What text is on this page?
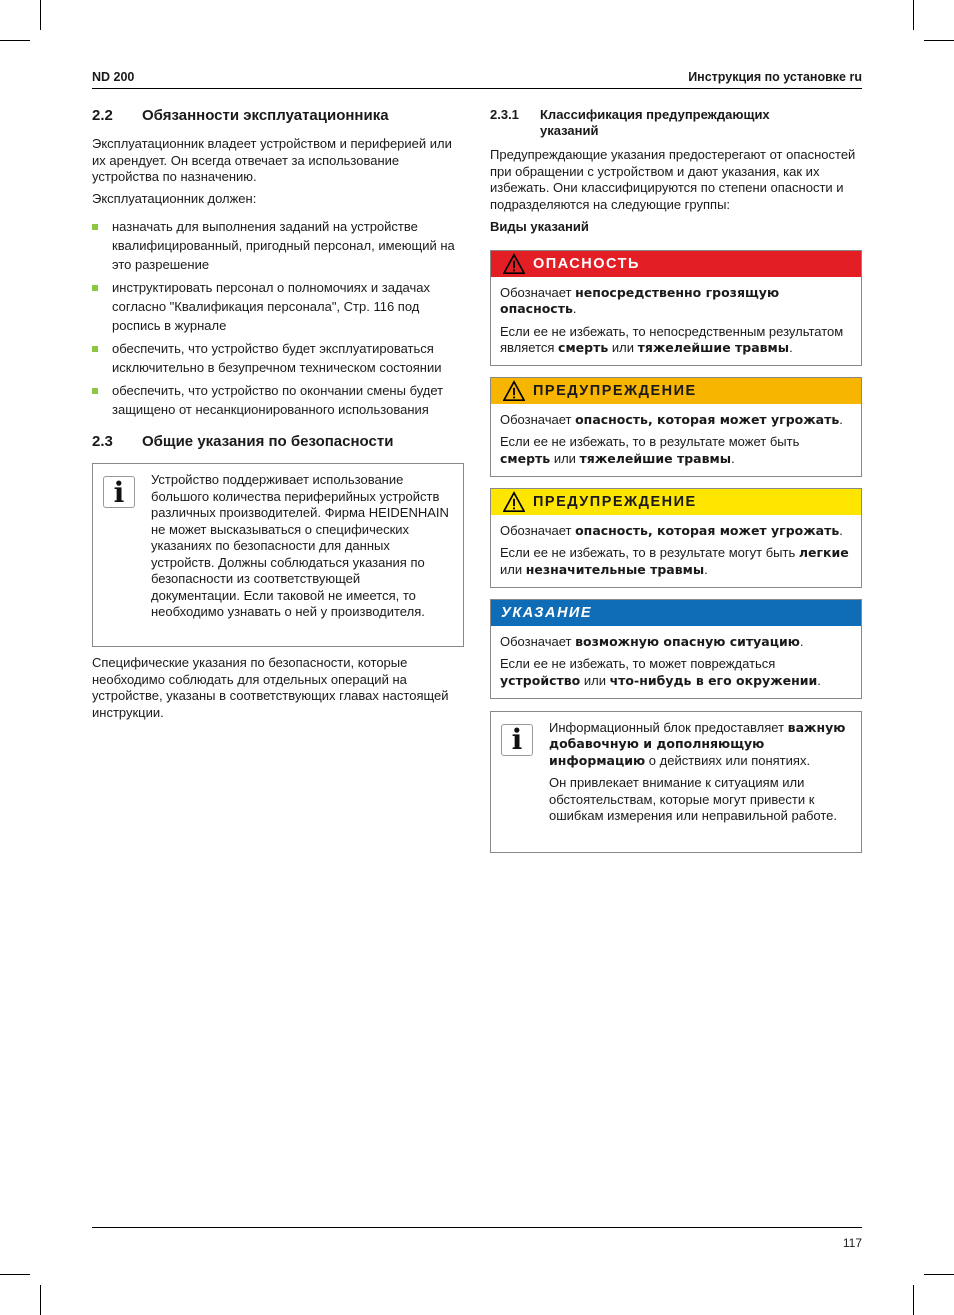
ND 200	Инструкция по установке ru
2.2	Обязанности эксплуатационника

Эксплуатационник владеет устройством и периферией или их арендует. Он всегда отвечает за использование устройства по назначению.

Эксплуатационник должен:

назначать для выполнения заданий на устройстве квалифицированный, пригодный персонал, имеющий на это разрешение
инструктировать персонал о полномочиях и задачах согласно "Квалификация персонала", Стр. 116 под роспись в журнале
обеспечить, что устройство будет эксплуатироваться исключительно в безупречном техническом состоянии
обеспечить, что устройство по окончании смены будет защищено от несанкционированного использования
2.3	Общие указания по безопасности
i	Устройство поддерживает использование большого количества периферийных устройств различных производителей. Фирма HEIDENHAIN не может высказываться о специфических указаниях по безопасности для данных устройств. Должны соблюдаться указания по безопасности из соответствующей документации. Если таковой не имеется, то необходимо узнавать о ней у производителя.

Специфические указания по безопасности, которые необходимо соблюдать для отдельных операций на устройстве, указаны в соответствующих главах настоящей инструкции.

2.3.1	Классификация предупреждающих указаний

Предупреждающие указания предостерегают от опасностей при обращении с устройством и дают указания, как их избежать. Они классифицируются по степени опасности и подразделяются на следующие группы:

Виды указаний

ОПАСНОСТЬ

Обозначает непосредственно грозящую опасность.

Если ее не избежать, то непосредственным результатом является смерть или тяжелейшие травмы.

ПРЕДУПРЕЖДЕНИЕ

Обозначает опасность, которая может угрожать.

Если ее не избежать, то в результате может быть смерть или тяжелейшие травмы.

ПРЕДУПРЕЖДЕНИЕ

Обозначает опасность, которая может угрожать.

Если ее не избежать, то в результате могут быть легкие или незначительные травмы.

УКАЗАНИЕ

Обозначает возможную опасную ситуацию.

Если ее не избежать, то может повреждаться устройство или что-нибудь в его окружении.

i	Информационный блок предоставляет важную добавочную и дополняющую информацию о действиях или понятиях.

Он привлекает внимание к ситуациям или обстоятельствам, которые могут привести к ошибкам измерения или неправильной работе.

117
